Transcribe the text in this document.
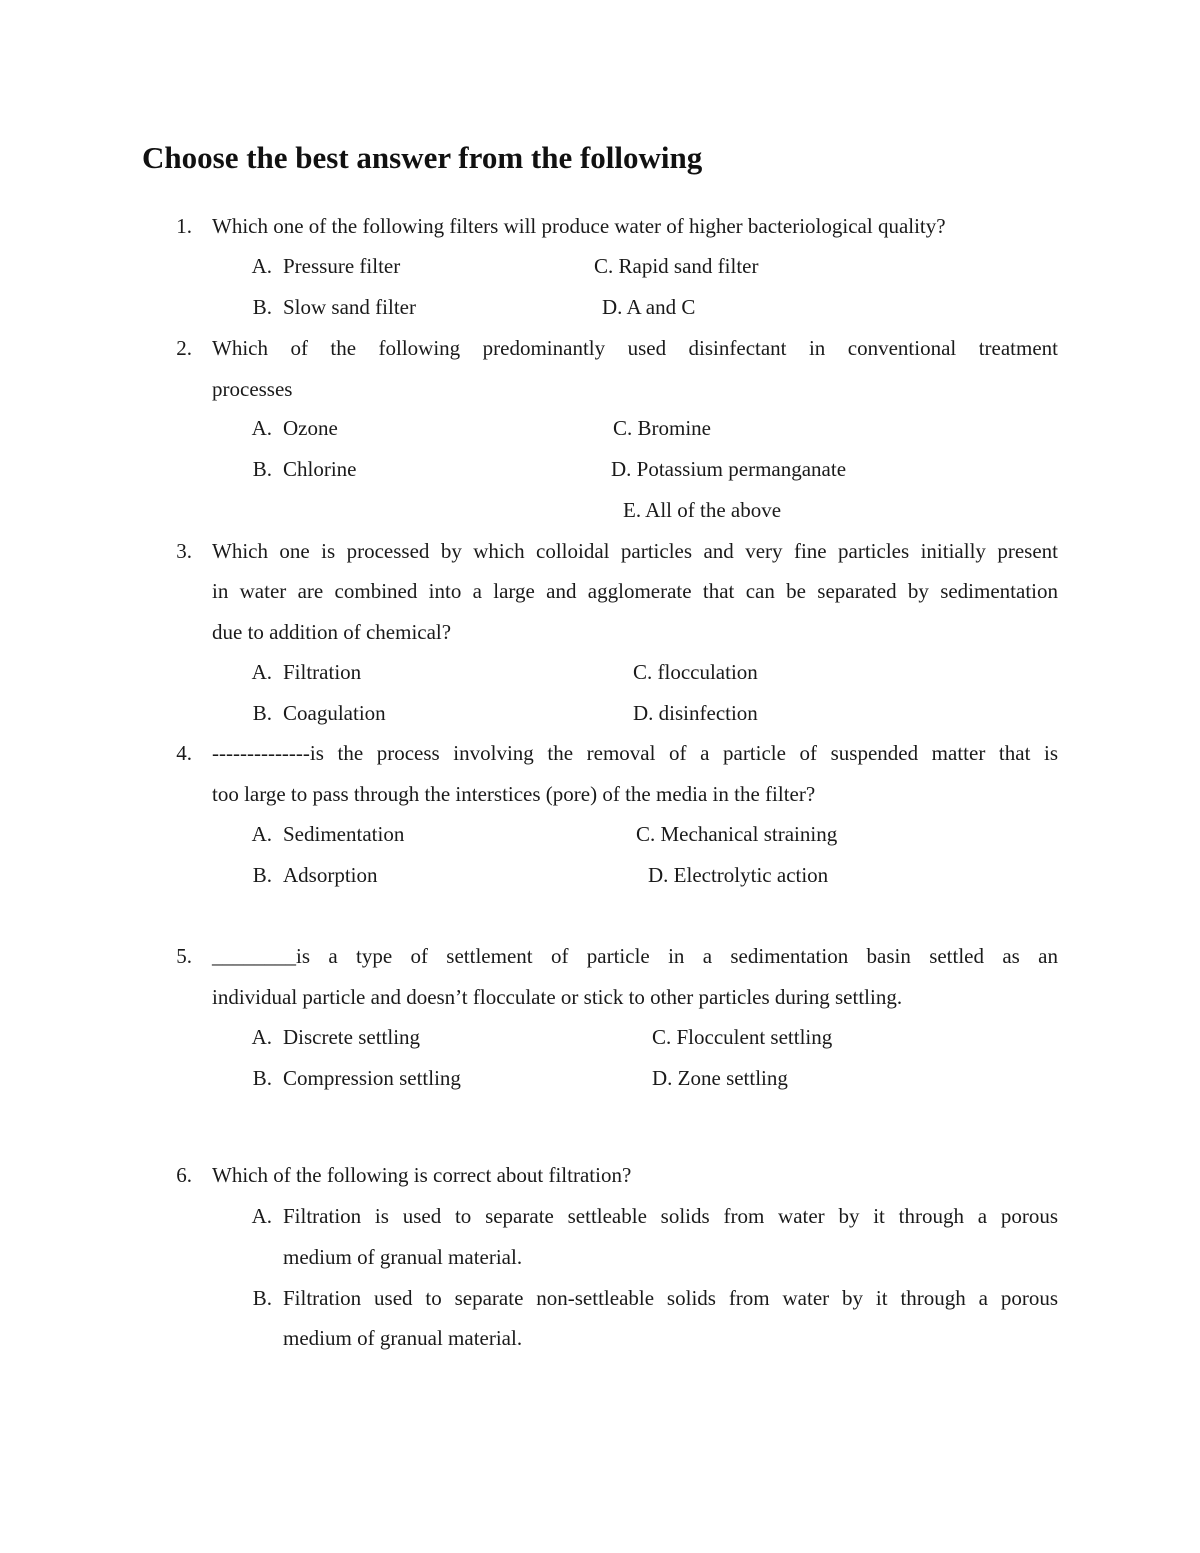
Choose the best answer from the following
1. Which one of the following filters will produce water of higher bacteriological quality?
A. Pressure filter	C. Rapid sand filter
B. Slow sand filter	D. A and C
2. Which of the following predominantly used disinfectant in conventional treatment
processes
A. Ozone	C. Bromine
B. Chlorine	D. Potassium permanganate
E. All of the above
3. Which one is processed by which colloidal particles and very fine particles initially present
in water are combined into a large and agglomerate that can be separated by sedimentation
due to addition of chemical?
A. Filtration	C. flocculation
B. Coagulation	D. disinfection
4. --------------is the process involving the removal of a particle of suspended matter that is
too large to pass through the interstices (pore) of the media in the filter?
A. Sedimentation	C. Mechanical straining
B. Adsorption	D. Electrolytic action
5. ________is a type of settlement of particle in a sedimentation basin settled as an
individual particle and doesn’t flocculate or stick to other particles during settling.
A. Discrete settling	C. Flocculent settling
B. Compression settling	D. Zone settling
6. Which of the following is correct about filtration?
A. Filtration is used to separate settleable solids from water by it through a porous
medium of granual material.
B. Filtration used to separate non-settleable solids from water by it through a porous
medium of granual material.
